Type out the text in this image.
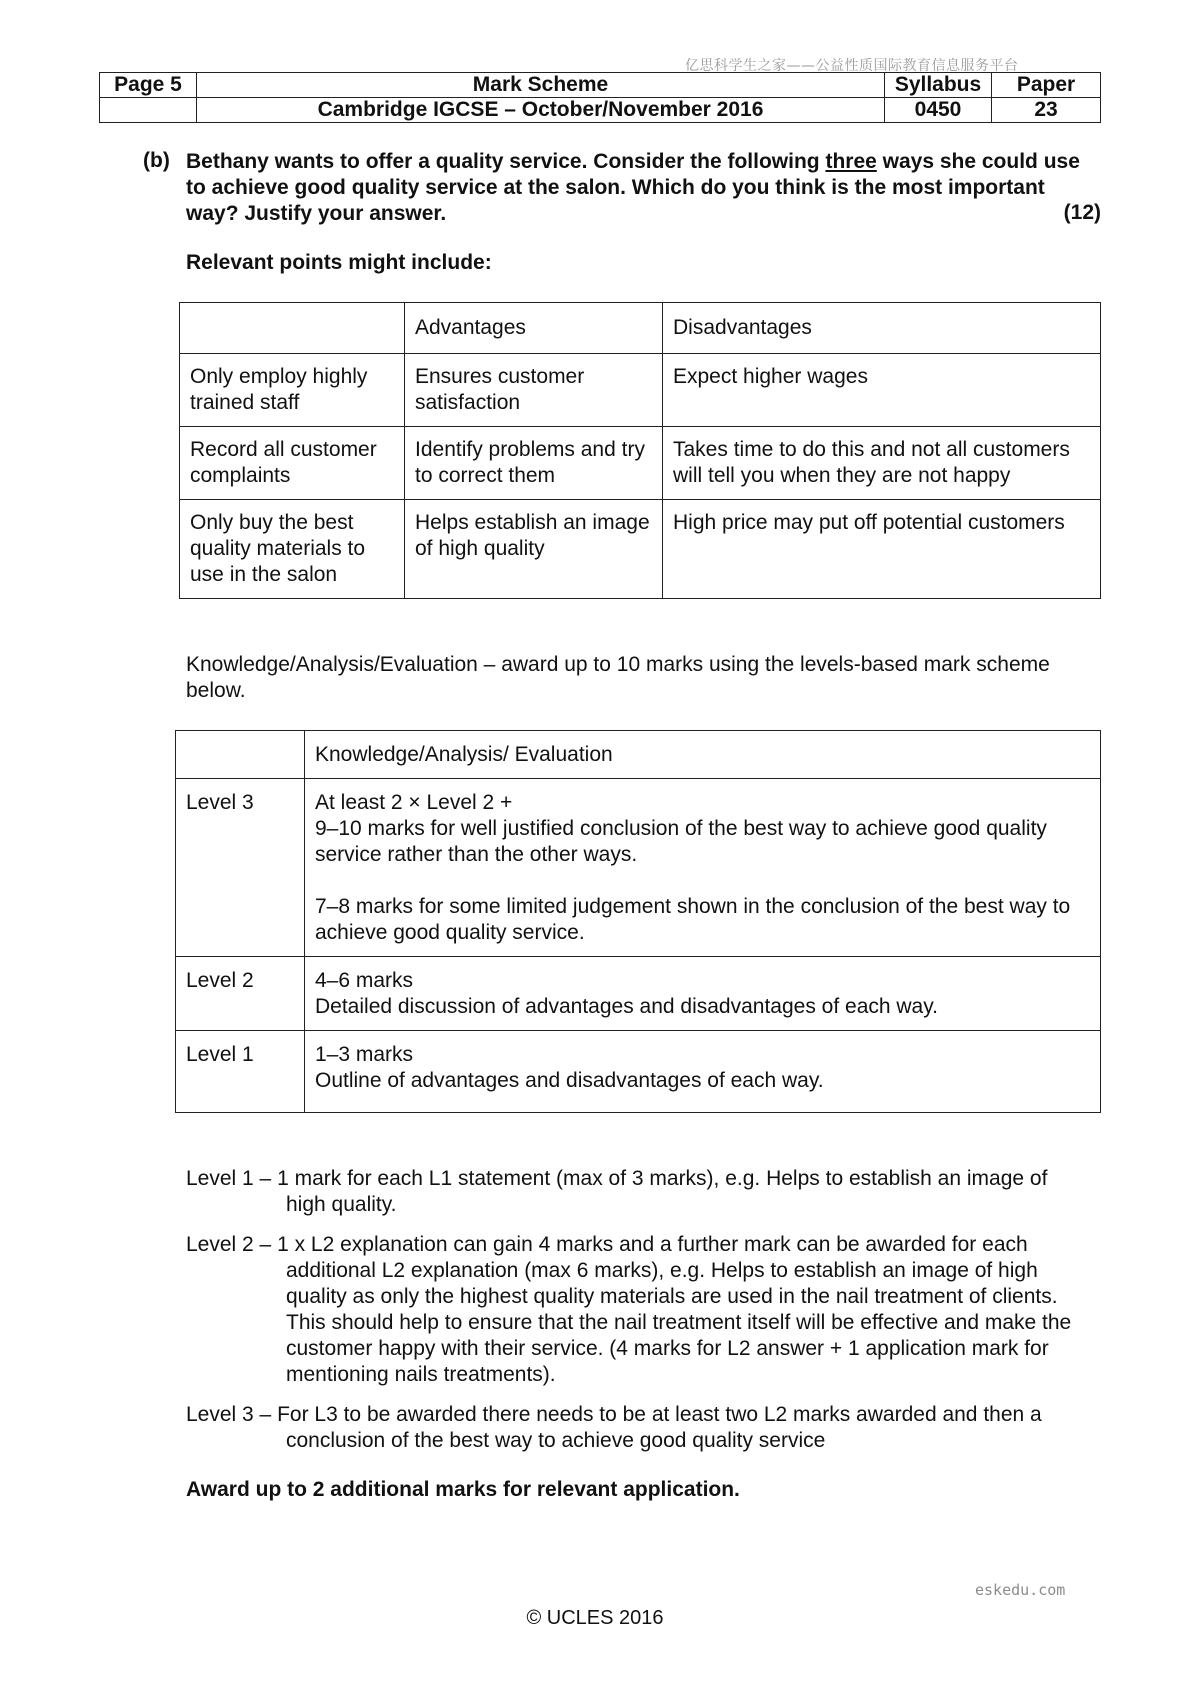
亿思科学生之家——公益性质国际教育信息服务平台
Page 5	Mark Scheme	Syllabus	Paper
	Cambridge IGCSE – October/November 2016	0450	23
(b) Bethany wants to offer a quality service. Consider the following three ways she could use to achieve good quality service at the salon. Which do you think is the most important way? Justify your answer.	(12)
Relevant points might include:
	Advantages	Disadvantages
Only employ highly trained staff	Ensures customer satisfaction	Expect higher wages
Record all customer complaints	Identify problems and try to correct them	Takes time to do this and not all customers will tell you when they are not happy
Only buy the best quality materials to use in the salon	Helps establish an image of high quality	High price may put off potential customers
Knowledge/Analysis/Evaluation – award up to 10 marks using the levels-based mark scheme below.
	Knowledge/Analysis/ Evaluation
Level 3	At least 2 × Level 2 +
9–10 marks for well justified conclusion of the best way to achieve good quality service rather than the other ways.
7–8 marks for some limited judgement shown in the conclusion of the best way to achieve good quality service.

Level 2	4–6 marks
Detailed discussion of advantages and disadvantages of each way.

Level 1	1–3 marks
Outline of advantages and disadvantages of each way.
Level 1 – 1 mark for each L1 statement (max of 3 marks), e.g. Helps to establish an image of
high quality.
Level 2 – 1 x L2 explanation can gain 4 marks and a further mark can be awarded for each
additional L2 explanation (max 6 marks), e.g. Helps to establish an image of high quality as only the highest quality materials are used in the nail treatment of clients. This should help to ensure that the nail treatment itself will be effective and make the customer happy with their service. (4 marks for L2 answer + 1 application mark for mentioning nails treatments).
Level 3 – For L3 to be awarded there needs to be at least two L2 marks awarded and then a
conclusion of the best way to achieve good quality service
Award up to 2 additional marks for relevant application.
eskedu.com
© UCLES 2016
